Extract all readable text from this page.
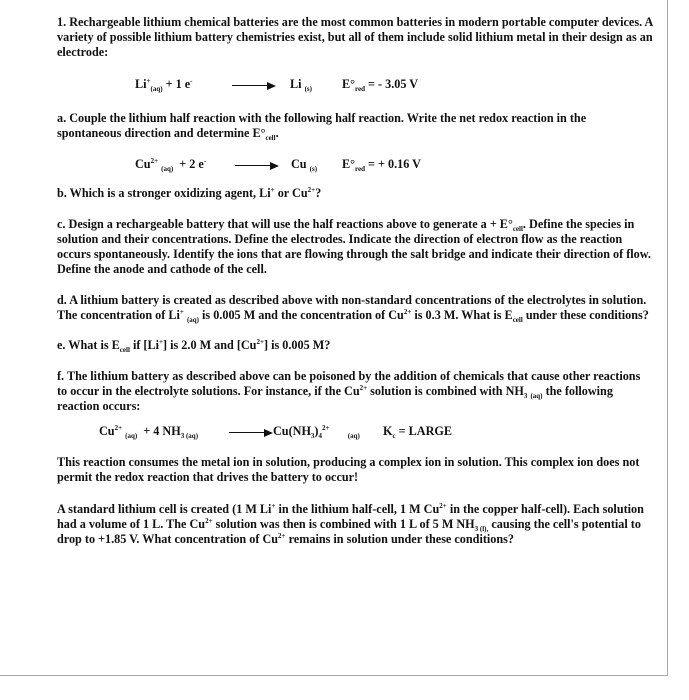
1. Rechargeable lithium chemical batteries are the most common batteries in modern portable computer devices. A variety of possible lithium battery chemistries exist, but all of them include solid lithium metal in their design as an electrode:

$Li^+_{(aq)} + 1$ e-	→ Li $_{(s)}$ $E^\circ_{red}$ = - 3.05 V

a. Couple the lithium half reaction with the following half reaction. Write the net redox reaction in the spontaneous direction and determine $E^\circ_{cell}$.

$Cu^{2+}$ $_{(aq)}$ + 2 e- → Cu $_{(s)}$ $E^\circ_{red}$ = + 0.16 V

b. Which is a stronger oxidizing agent, Li+ or $Cu^{2+}$?

c. Design a rechargeable battery that will use the half reactions above to generate $a + E^\circ_{cell}$. Define the species in solution and their concentrations. Define the electrodes. Indicate the direction of electron flow as the reaction occurs spontaneously. Identify the ions that are flowing through the salt bridge and indicate their direction of flow. Define the anode and cathode of the cell.

d. A lithium battery is created as described above with non-standard concentrations of the electrolytes in solution. The concentration of Li+ $_{(aq)}$ is 0.005 M and the concentration of $Cu^{2+}$ is 0.3 M. What is $E_{cell}$ under these conditions?

e. What is $E_{cell}$ if [Li+] is 2.0 M and $[Cu^{2+}]$ is 0.005 M?

f. The lithium battery as described above can be poisoned by the addition of chemicals that cause other reactions to occur in the electrolyte solutions. For instance, if the $Cu^{2+}$ solution is combined with $NH_3$ $_{(aq)}$ the following reaction occurs:

$Cu^{2+}$ $_{(aq)}$ + 4 $NH_{3 (aq)}$	→ $Cu(NH_3)_4^{2+}$      $_{(aq)}$ $K_c$ = LARGE

This reaction consumes the metal ion in solution, producing a complex ion in solution. This complex ion does not permit the redox reaction that drives the battery to occur!

A standard lithium cell is created (1 M Li+ in the lithium half-cell, 1 M $Cu^{2+}$ in the copper half-cell). Each solution had a volume of 1 L. The $Cu^{2+}$ solution was then is combined with 1 L of 5 M $NH_{3 (l),}$ causing the cell's potential to drop to +1.85 V. What concentration of $Cu^{2+}$ remains in solution under these conditions?
